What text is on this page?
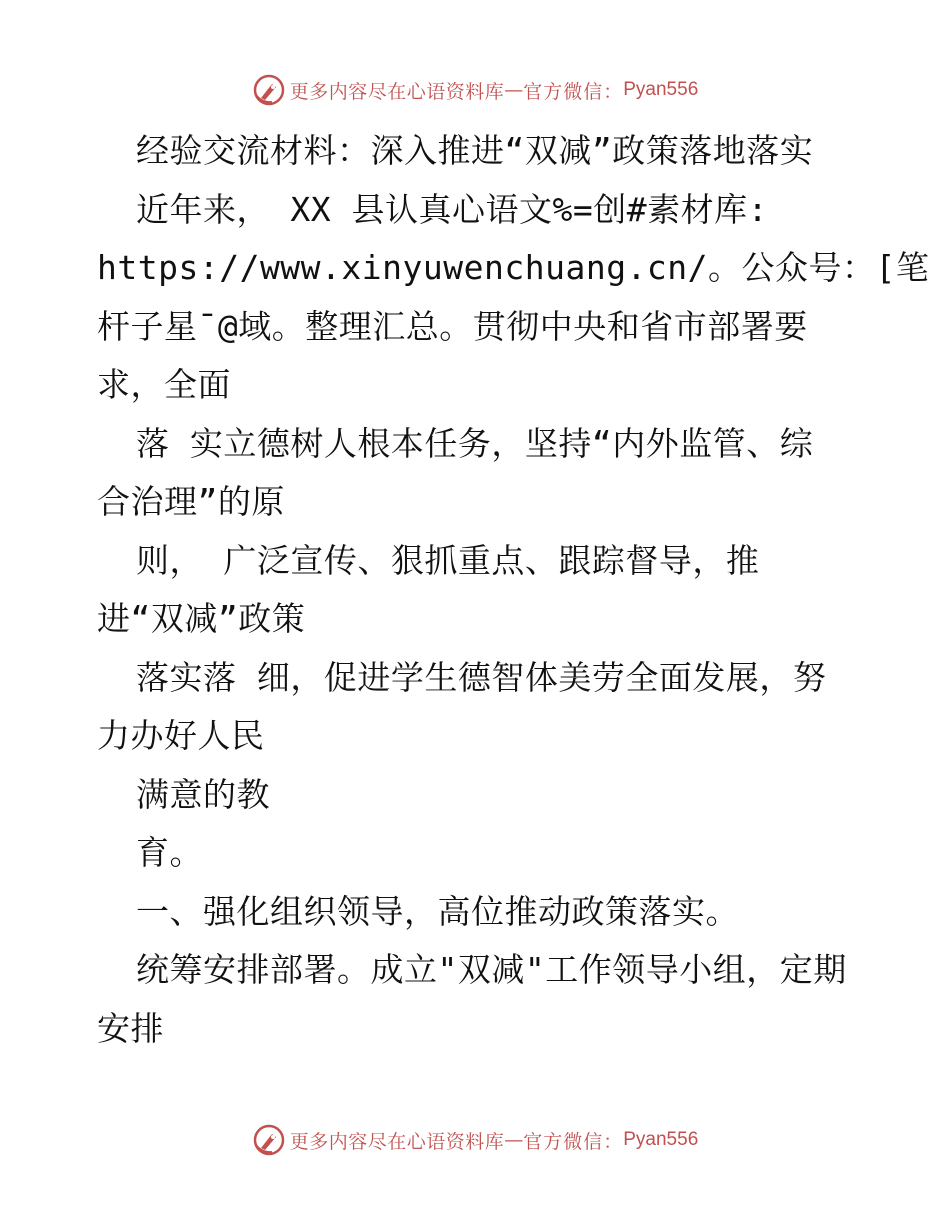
更多内容尽在心语资料库 — 官方微信： Pyan556
经验交流材料：深入推进“双减”政策落地落实
近年来， XX 县认真心语文%=创#素材库:
https://www.xinyuwenchuang.cn/。公众号：[笔
杆子星¯@域。整理汇总。贯彻中央和省市部署要
求，全面
落 实立德树人根本任务，坚持“内外监管、综
合治理”的原
则， 广泛宣传、狠抓重点、跟踪督导，推
进“双减”政策
落实落 细，促进学生德智体美劳全面发展，努
力办好人民
满意的教
育。
一、强化组织领导，高位推动政策落实。
统筹安排部署。成立"双减"工作领导小组，定期
安排
更多内容尽在心语资料库 — 官方微信： Pyan556
